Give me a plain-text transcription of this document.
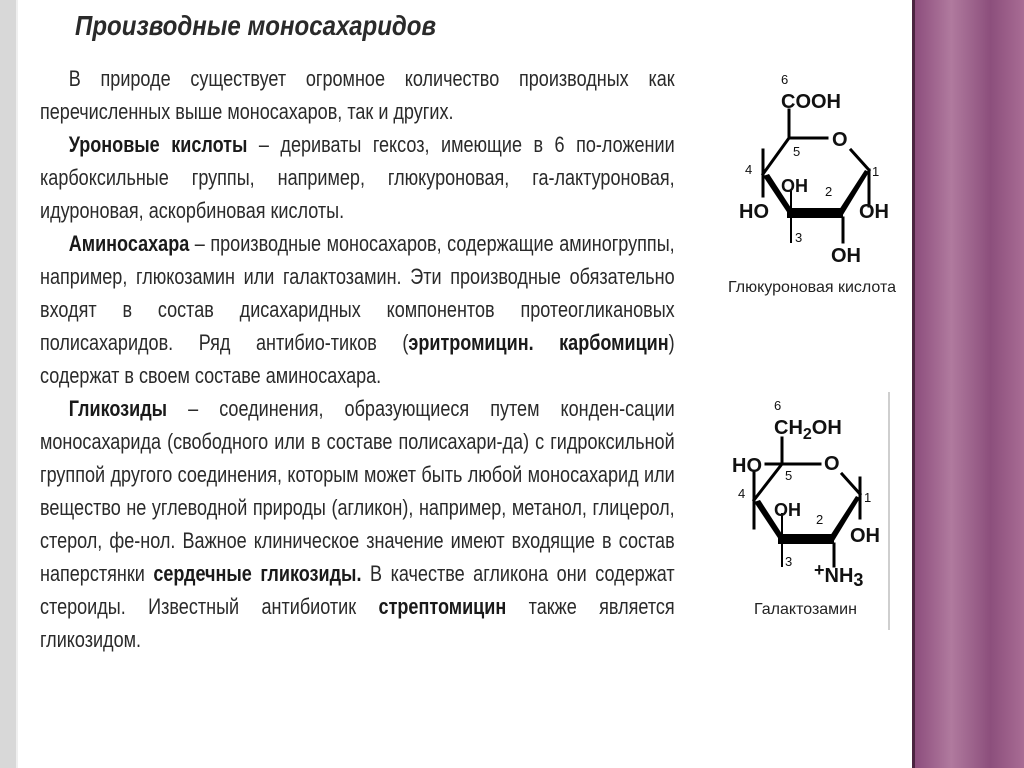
Производные моносахаридов

В природе существует огромное количество производных как перечисленных выше моносахаров, так и других.

Уроновые кислоты – дериваты гексоз, имеющие в 6 по-ложении карбоксильные группы, например, глюкуроновая, га-лактуроновая, идуроновая, аскорбиновая кислоты.

Аминосахара – производные моносахаров, содержащие аминогруппы, например, глюкозамин или галактозамин. Эти производные обязательно входят в состав дисахаридных компонентов протеогликановых полисахаридов. Ряд антибио-тиков (эритромицин. карбомицин) содержат в своем составе аминосахара.

Гликозиды – соединения, образующиеся путем конден-сации моносахарида (свободного или в составе полисахари-да) с гидроксильной группой другого соединения, которым может быть любой моносахарид или вещество не углеводной природы (агликон), например, метанол, глицерол, стерол, фе-нол. Важное клиническое значение имеют входящие в состав наперстянки сердечные гликозиды. В качестве агликона они содержат стероиды. Известный антибиотик стрептомицин также является гликозидом.

6
COOH
O
5
4	1
OH 2
HO	OH
3
OH
Глюкуроновая кислота
6
$CH_2OH$
HO	O
5
4	1
OH 2
OH
3 +NH3
Галактозамин
